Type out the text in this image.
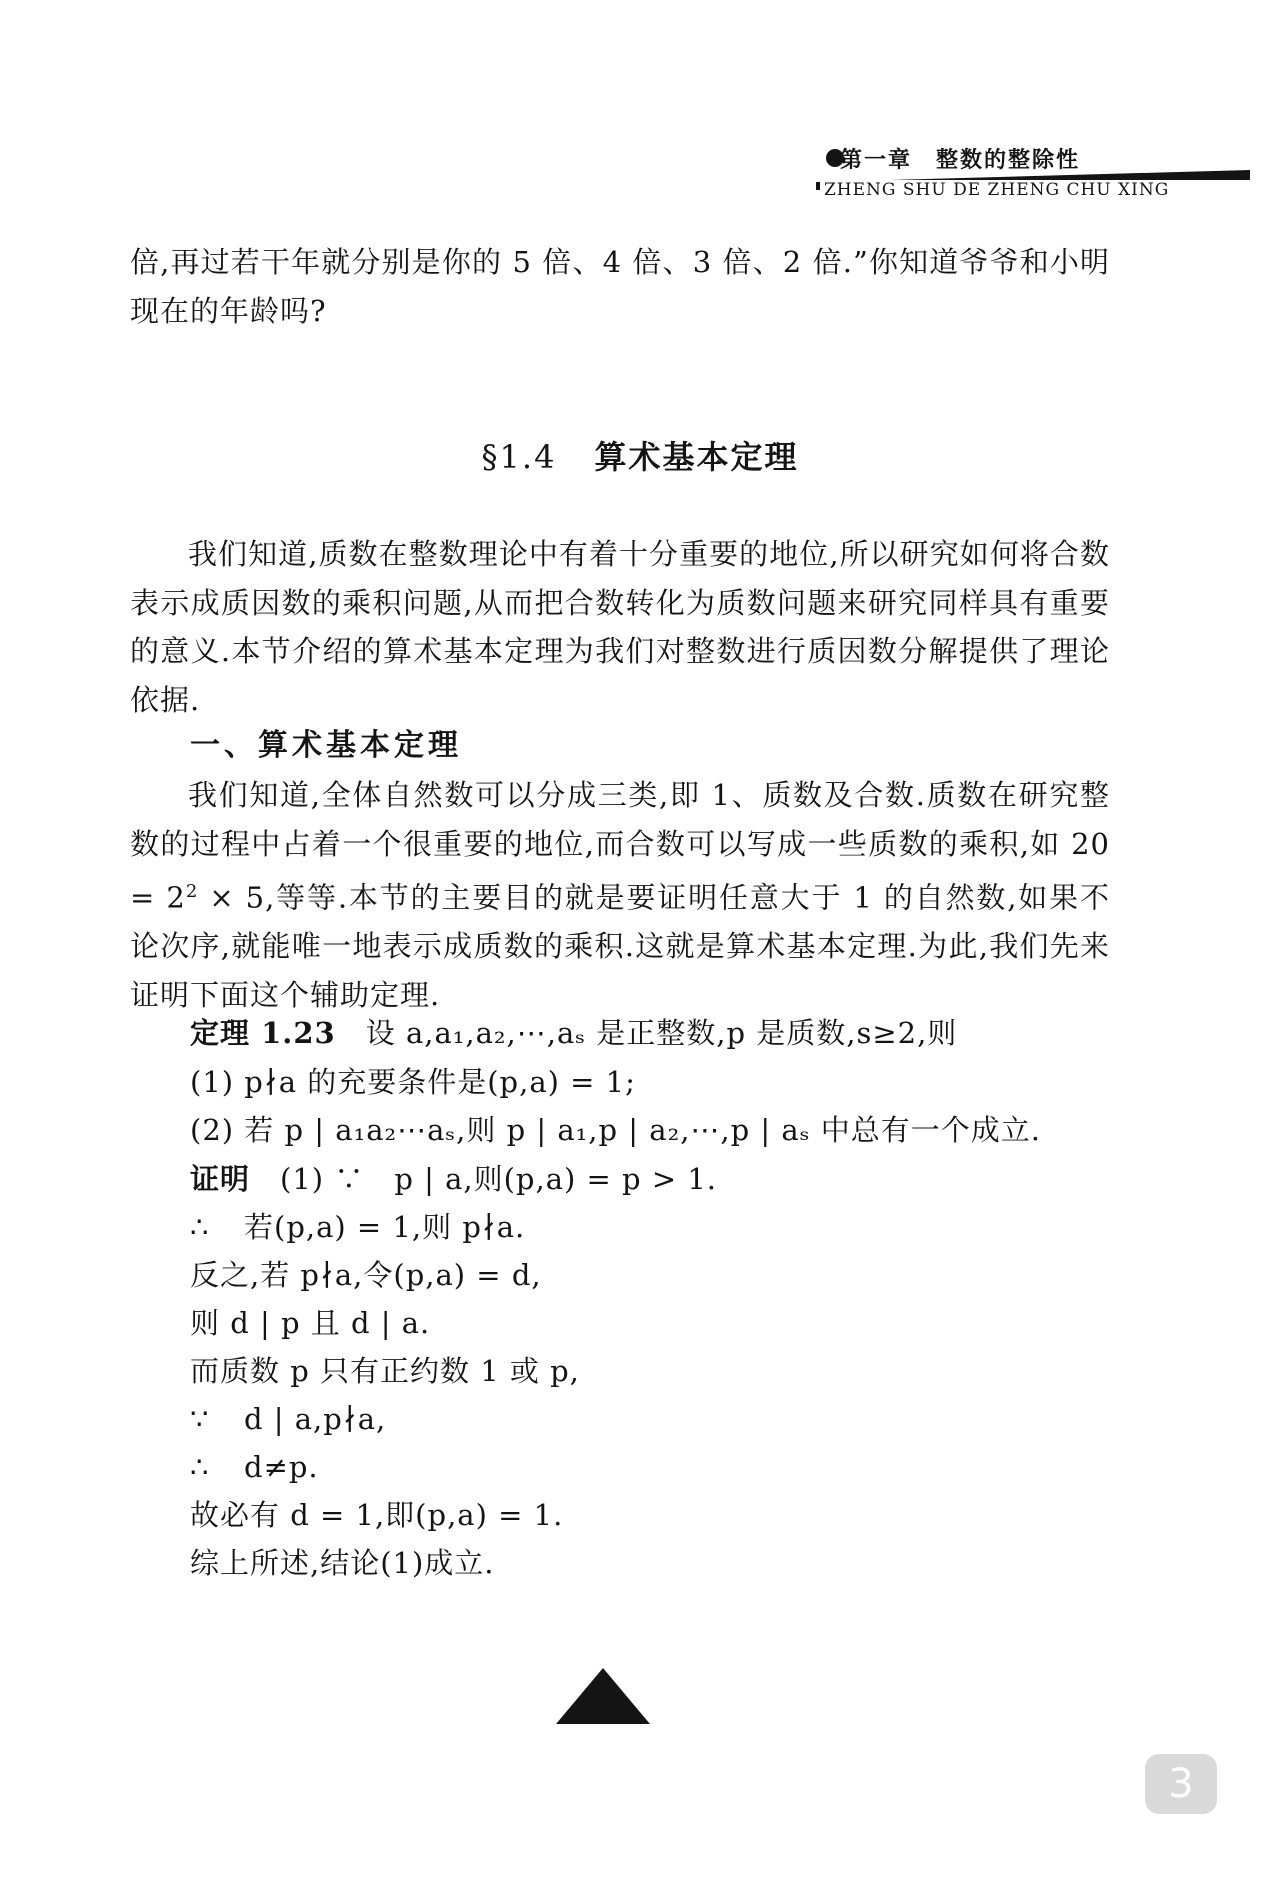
第一章　整数的整除性
ZHENG SHU DE ZHENG CHU XING

倍,再过若干年就分别是你的 5 倍、4 倍、3 倍、2 倍.”你知道爷爷和小明现在的年龄吗?

§1.4 算术基本定理

我们知道,质数在整数理论中有着十分重要的地位,所以研究如何将合数表示成质因数的乘积问题,从而把合数转化为质数问题来研究同样具有重要的意义.本节介绍的算术基本定理为我们对整数进行质因数分解提供了理论依据.

一、算术基本定理

我们知道,全体自然数可以分成三类,即 1、质数及合数.质数在研究整数的过程中占着一个很重要的地位,而合数可以写成一些质数的乘积,如 $20 = 2^2 \times 5$,等等.本节的主要目的就是要证明任意大于 1 的自然数,如果不论次序,就能唯一地表示成质数的乘积.这就是算术基本定理.为此,我们先来证明下面这个辅助定理.

定理 1.23　 设 a,a₁,a₂,⋯,aₛ 是正整数,p 是质数,s≥2,则
(1) p∤a 的充要条件是(p,a) = 1;
(2) 若 p | a₁a₂⋯aₛ,则 p | a₁,p | a₂,⋯,p | aₛ 中总有一个成立.
证明　 (1) ∵　p | a,则(p,a) = p > 1.
∴ 若(p,a) = 1,则 p∤a.
反之,若 p∤a,令(p,a) = d,
则 d | p 且 d | a.
而质数 p 只有正约数 1 或 p,
∵ d | a,p∤a,
∴ d≠p.
故必有 d = 1,即(p,a) = 1.
综上所述,结论(1)成立.
3
